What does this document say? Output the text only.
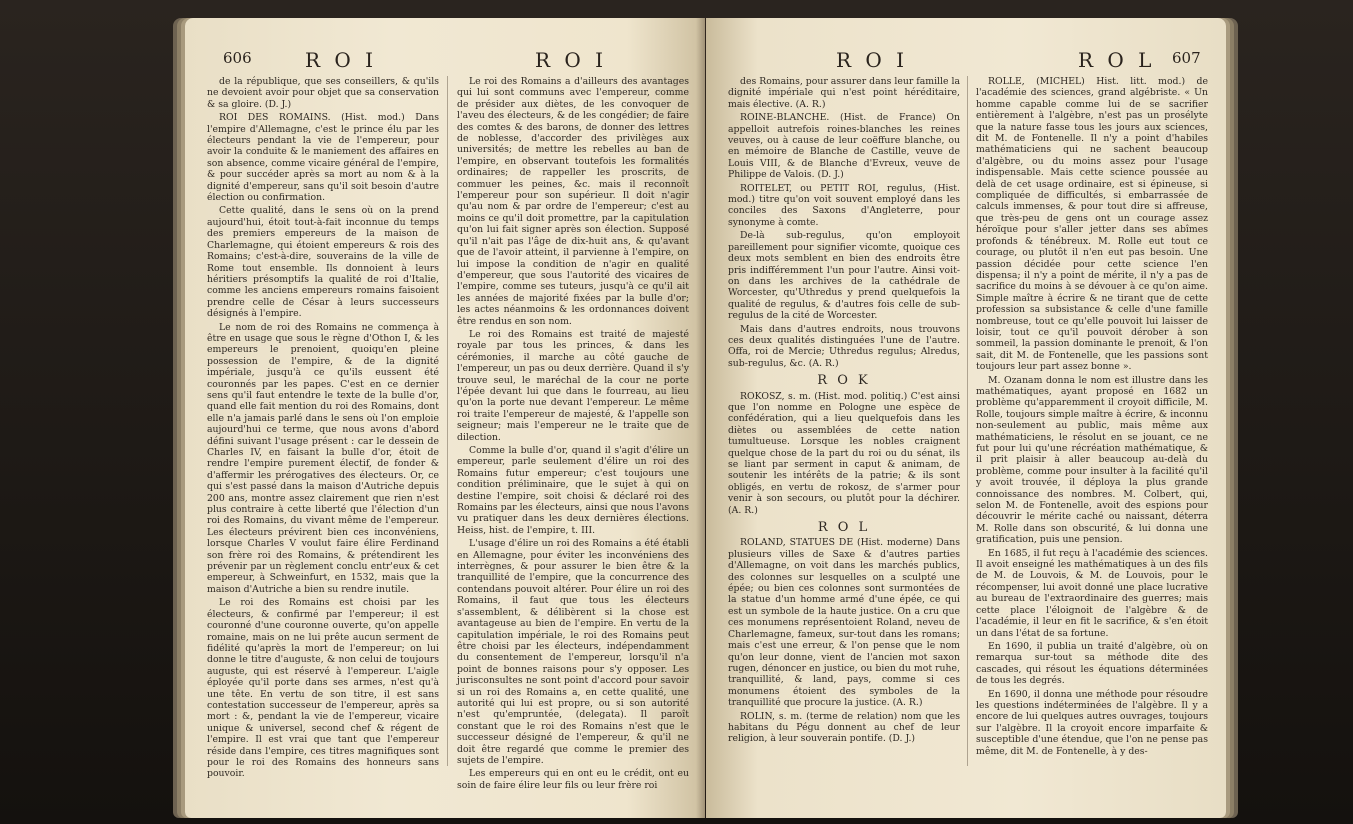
606	R O I	R O I

de la république, que ses conseillers, & qu'ils ne devoient avoir pour objet que sa conservation & sa gloire. (D. J.)

ROI DES ROMAINS. (Hist. mod.) Dans l'empire d'Allemagne, c'est le prince élu par les électeurs pendant la vie de l'empereur, pour avoir la conduite & le maniement des affaires en son absence, comme vicaire général de l'empire, & pour succéder après sa mort au nom & à la dignité d'empereur, sans qu'il soit besoin d'autre élection ou confirmation.

Cette qualité, dans le sens où on la prend aujourd'hui, étoit tout-à-fait inconnue du temps des premiers empereurs de la maison de Charlemagne, qui étoient empereurs & rois des Romains; c'est-à-dire, souverains de la ville de Rome tout ensemble. Ils donnoient à leurs héritiers présomptifs la qualité de roi d'Italie, comme les anciens empereurs romains faisoient prendre celle de César à leurs successeurs désignés à l'empire.

Le nom de roi des Romains ne commença à être en usage que sous le règne d'Othon I, & les empereurs le prenoient, quoiqu'en pleine possession de l'empire, & de la dignité impériale, jusqu'à ce qu'ils eussent été couronnés par les papes. C'est en ce dernier sens qu'il faut entendre le texte de la bulle d'or, quand elle fait mention du roi des Romains, dont elle n'a jamais parlé dans le sens où l'on emploie aujourd'hui ce terme, que nous avons d'abord défini suivant l'usage présent : car le dessein de Charles IV, en faisant la bulle d'or, étoit de rendre l'empire purement électif, de fonder & d'affermir les prérogatives des électeurs. Or, ce qui s'est passé dans la maison d'Autriche depuis 200 ans, montre assez clairement que rien n'est plus contraire à cette liberté que l'élection d'un roi des Romains, du vivant même de l'empereur. Les électeurs prévirent bien ces inconvéniens, lorsque Charles V voulut faire élire Ferdinand son frère roi des Romains, & prétendirent les prévenir par un règlement conclu entr'eux & cet empereur, à Schweinfurt, en 1532, mais que la maison d'Autriche a bien su rendre inutile.

Le roi des Romains est choisi par les électeurs, & confirmé par l'empereur; il est couronné d'une couronne ouverte, qu'on appelle romaine, mais on ne lui prête aucun serment de fidélité qu'après la mort de l'empereur; on lui donne le titre d'auguste, & non celui de toujours auguste, qui est réservé à l'empereur. L'aigle éployée qu'il porte dans ses armes, n'est qu'à une tête. En vertu de son titre, il est sans contestation successeur de l'empereur, après sa mort : &, pendant la vie de l'empereur, vicaire unique & universel, second chef & régent de l'empire. Il est vrai que tant que l'empereur réside dans l'empire, ces titres magnifiques sont pour le roi des Romains des honneurs sans pouvoir.

Le roi des Romains a d'ailleurs des avantages qui lui sont communs avec l'empereur, comme de présider aux diètes, de les convoquer de l'aveu des électeurs, & de les congédier; de faire des comtes & des barons, de donner des lettres de noblesse, d'accorder des privilèges aux universités; de mettre les rebelles au ban de l'empire, en observant toutefois les formalités ordinaires; de rappeller les proscrits, de commuer les peines, &c. mais il reconnoît l'empereur pour son supérieur. Il doit n'agir qu'au nom & par ordre de l'empereur; c'est au moins ce qu'il doit promettre, par la capitulation qu'on lui fait signer après son élection. Supposé qu'il n'ait pas l'âge de dix-huit ans, & qu'avant que de l'avoir atteint, il parvienne à l'empire, on lui impose la condition de n'agir en qualité d'empereur, que sous l'autorité des vicaires de l'empire, comme ses tuteurs, jusqu'à ce qu'il ait les années de majorité fixées par la bulle d'or; les actes néanmoins & les ordonnances doivent être rendus en son nom.

Le roi des Romains est traité de majesté royale par tous les princes, & dans les cérémonies, il marche au côté gauche de l'empereur, un pas ou deux derrière. Quand il s'y trouve seul, le maréchal de la cour ne porte l'épée devant lui que dans le fourreau, au lieu qu'on la porte nue devant l'empereur. Le même roi traite l'empereur de majesté, & l'appelle son seigneur; mais l'empereur ne le traite que de dilection.

Comme la bulle d'or, quand il s'agit d'élire un empereur, parle seulement d'élire un roi des Romains futur empereur; c'est toujours une condition préliminaire, que le sujet à qui on destine l'empire, soit choisi & déclaré roi des Romains par les électeurs, ainsi que nous l'avons vu pratiquer dans les deux dernières élections. Heiss, hist. de l'empire, t. III.

L'usage d'élire un roi des Romains a été établi en Allemagne, pour éviter les inconvéniens des interrègnes, & pour assurer le bien être & la tranquillité de l'empire, que la concurrence des contendans pouvoit altérer. Pour élire un roi des Romains, il faut que tous les électeurs s'assemblent, & délibèrent si la chose est avantageuse au bien de l'empire. En vertu de la capitulation impériale, le roi des Romains peut être choisi par les électeurs, indépendamment du consentement de l'empereur, lorsqu'il n'a point de bonnes raisons pour s'y opposer. Les jurisconsultes ne sont point d'accord pour savoir si un roi des Romains a, en cette qualité, une autorité qui lui est propre, ou si son autorité n'est qu'empruntée, (delegata). Il paroît constant que le roi des Romains n'est que le successeur désigné de l'empereur, & qu'il ne doit être regardé que comme le premier des sujets de l'empire.

Les empereurs qui en ont eu le crédit, ont eu soin de faire élire leur fils ou leur frère roi

R O I	R O L 607

des Romains, pour assurer dans leur famille la dignité impériale qui n'est point héréditaire, mais élective. (A. R.)

ROINE-BLANCHE. (Hist. de France) On appelloit autrefois roines-blanches les reines veuves, ou à cause de leur coëffure blanche, ou en mémoire de Blanche de Castille, veuve de Louis VIII, & de Blanche d'Evreux, veuve de Philippe de Valois. (D. J.)

ROITELET, ou PETIT ROI, regulus, (Hist. mod.) titre qu'on voit souvent employé dans les conciles des Saxons d'Angleterre, pour synonyme à comte.

De-là sub-regulus, qu'on employoit pareillement pour signifier vicomte, quoique ces deux mots semblent en bien des endroits être pris indifféremment l'un pour l'autre. Ainsi voit-on dans les archives de la cathédrale de Worcester, qu'Uthredus y prend quelquefois la qualité de regulus, & d'autres fois celle de sub-regulus de la cité de Worcester.

Mais dans d'autres endroits, nous trouvons ces deux qualités distinguées l'une de l'autre. Offa, roi de Mercie; Uthredus regulus; Alredus, sub-regulus, &c. (A. R.)

R O K

ROKOSZ, s. m. (Hist. mod. politiq.) C'est ainsi que l'on nomme en Pologne une espèce de confédération, qui a lieu quelquefois dans les diètes ou assemblées de cette nation tumultueuse. Lorsque les nobles craignent quelque chose de la part du roi ou du sénat, ils se liant par serment in caput & animam, de soutenir les intérêts de la patrie; & ils sont obligés, en vertu de rokosz, de s'armer pour venir à son secours, ou plutôt pour la déchirer. (A. R.)

R O L

ROLAND, STATUES DE (Hist. moderne) Dans plusieurs villes de Saxe & d'autres parties d'Allemagne, on voit dans les marchés publics, des colonnes sur lesquelles on a sculpté une épée; ou bien ces colonnes sont surmontées de la statue d'un homme armé d'une épée, ce qui est un symbole de la haute justice. On a cru que ces monumens représentoient Roland, neveu de Charlemagne, fameux, sur-tout dans les romans; mais c'est une erreur, & l'on pense que le nom qu'on leur donne, vient de l'ancien mot saxon rugen, dénoncer en justice, ou bien du mot ruhe, tranquillité, & land, pays, comme si ces monumens étoient des symboles de la tranquillité que procure la justice. (A. R.)

ROLIN, s. m. (terme de relation) nom que les habitans du Pégu donnent au chef de leur religion, à leur souverain pontife. (D. J.)

ROLLE, (MICHEL) Hist. litt. mod.) de l'académie des sciences, grand algébriste. « Un homme capable comme lui de se sacrifier entièrement à l'algèbre, n'est pas un prosélyte que la nature fasse tous les jours aux sciences, dit M. de Fontenelle. Il n'y a point d'habiles mathématiciens qui ne sachent beaucoup d'algèbre, ou du moins assez pour l'usage indispensable. Mais cette science poussée au delà de cet usage ordinaire, est si épineuse, si compliquée de difficultés, si embarrassée de calculs immenses, & pour tout dire si affreuse, que très-peu de gens ont un courage assez héroïque pour s'aller jetter dans ses abîmes profonds & ténébreux. M. Rolle eut tout ce courage, ou plutôt il n'en eut pas besoin. Une passion décidée pour cette science l'en dispensa; il n'y a point de mérite, il n'y a pas de sacrifice du moins à se dévouer à ce qu'on aime. Simple maître à écrire & ne tirant que de cette profession sa subsistance & celle d'une famille nombreuse, tout ce qu'elle pouvoit lui laisser de loisir, tout ce qu'il pouvoit dérober à son sommeil, la passion dominante le prenoit, & l'on sait, dit M. de Fontenelle, que les passions sont toujours leur part assez bonne ».

M. Ozanam donna le nom est illustre dans les mathématiques, ayant proposé en 1682 un problème qu'apparemment il croyoit difficile, M. Rolle, toujours simple maître à écrire, & inconnu non-seulement au public, mais même aux mathématiciens, le résolut en se jouant, ce ne fut pour lui qu'une récréation mathématique, & il prit plaisir à aller beaucoup au-delà du problème, comme pour insulter à la facilité qu'il y avoit trouvée, il déploya la plus grande connoissance des nombres. M. Colbert, qui, selon M. de Fontenelle, avoit des espions pour découvrir le mérite caché ou naissant, déterra M. Rolle dans son obscurité, & lui donna une gratification, puis une pension.

En 1685, il fut reçu à l'académie des sciences. Il avoit enseigné les mathématiques à un des fils de M. de Louvois, & M. de Louvois, pour le récompenser, lui avoit donné une place lucrative au bureau de l'extraordinaire des guerres; mais cette place l'éloignoit de l'algèbre & de l'académie, il leur en fit le sacrifice, & s'en étoit un dans l'état de sa fortune.

En 1690, il publia un traité d'algèbre, où on remarqua sur-tout sa méthode dite des cascades, qui résout les équations déterminées de tous les degrés.

En 1690, il donna une méthode pour résoudre les questions indéterminées de l'algèbre. Il y a encore de lui quelques autres ouvrages, toujours sur l'algèbre. Il la croyoit encore imparfaite & susceptible d'une étendue, que l'on ne pense pas même, dit M. de Fontenelle, à y des-
